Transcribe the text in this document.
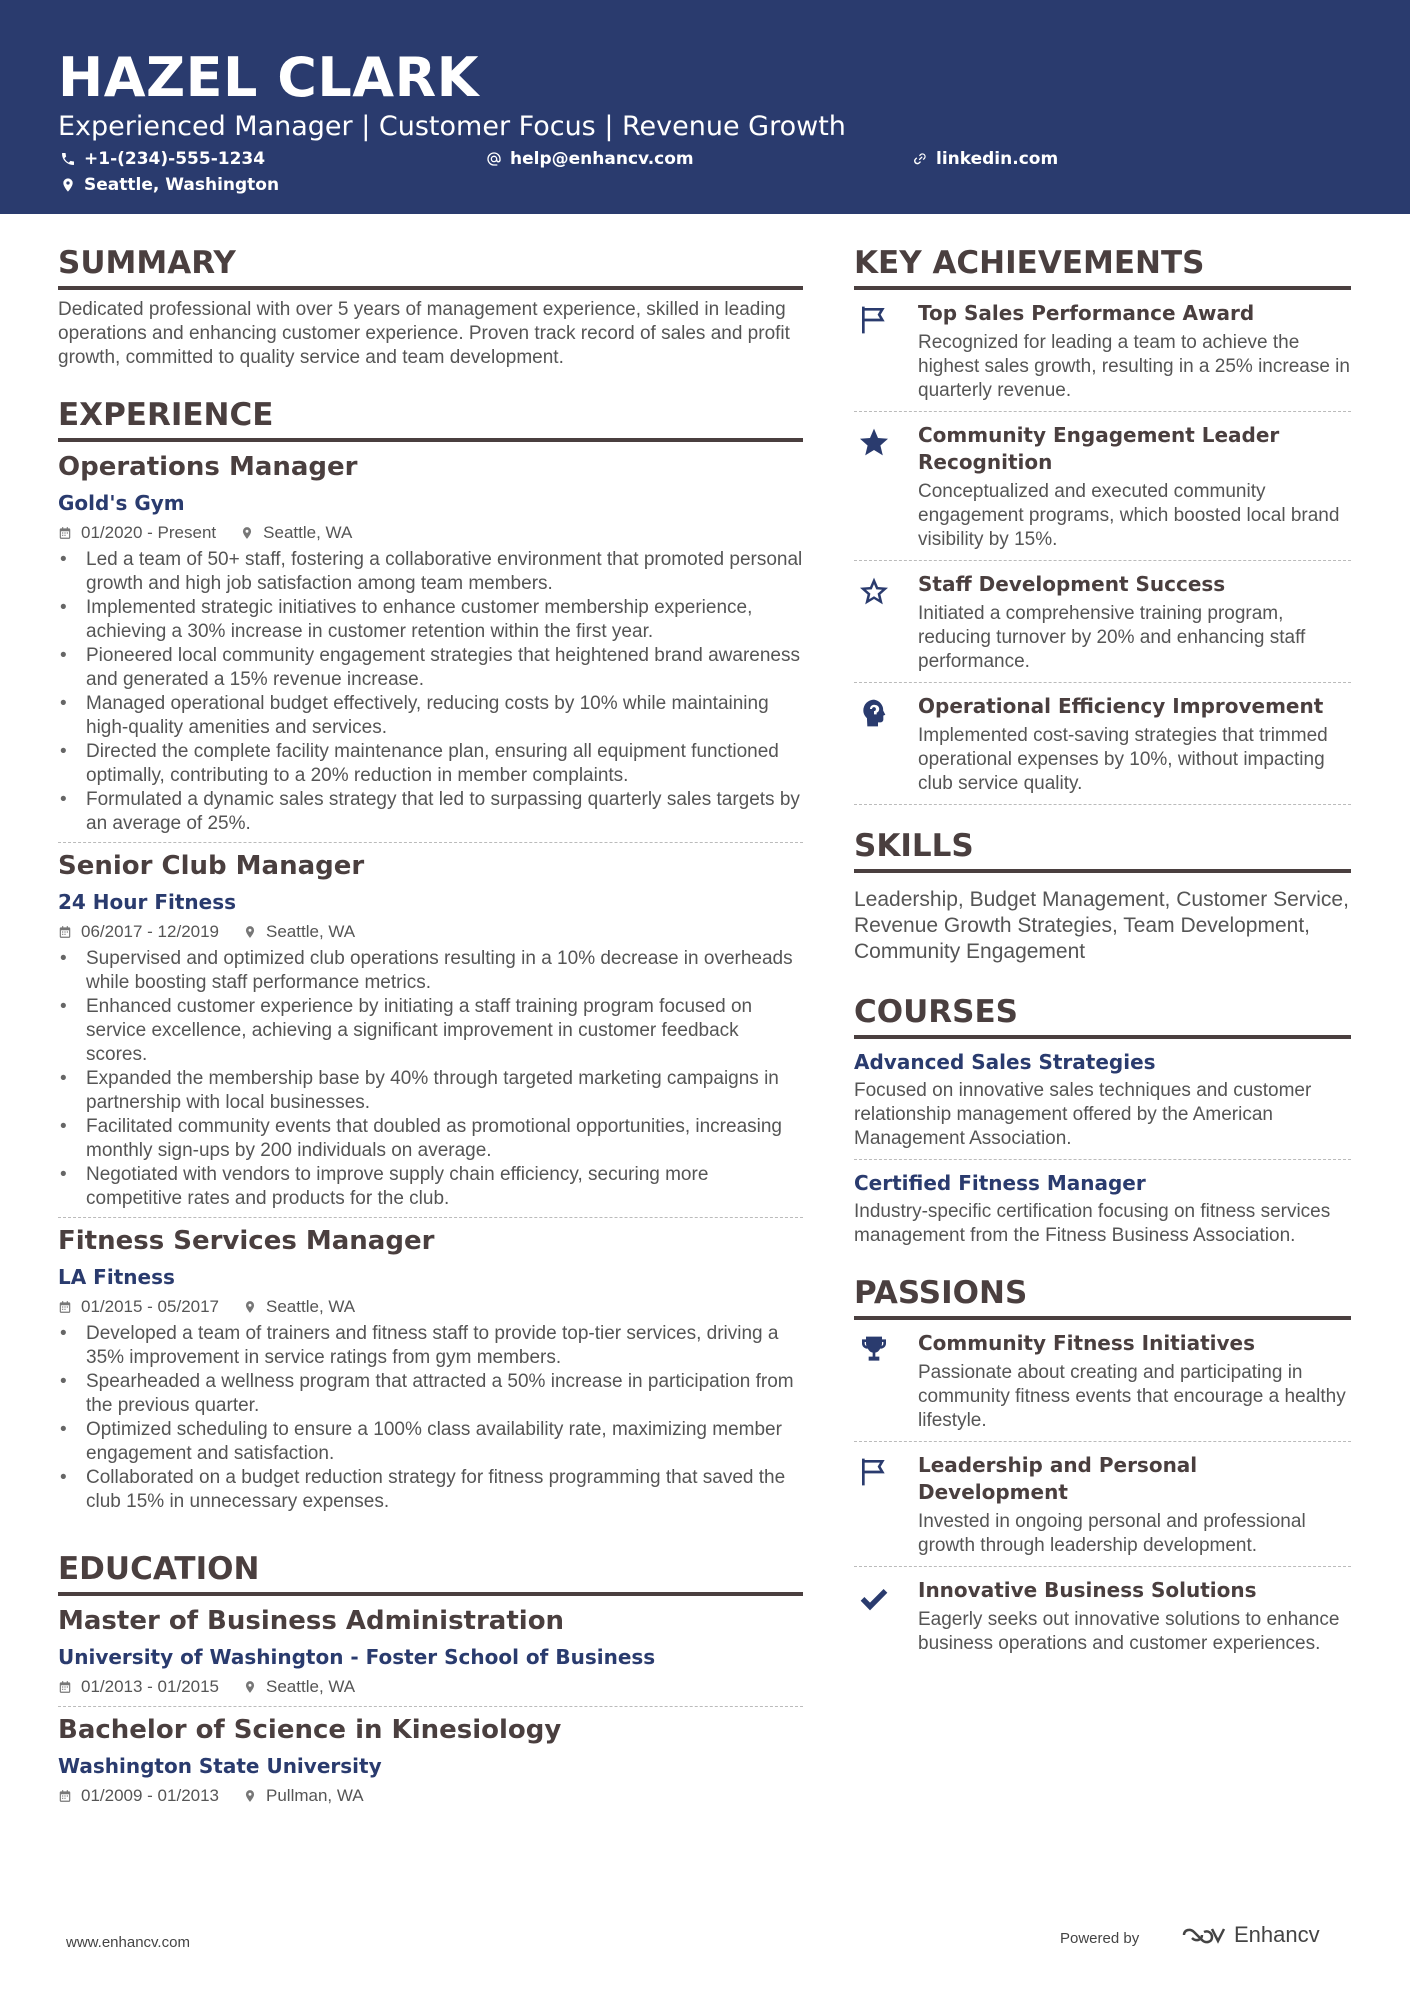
HAZEL CLARK
Experienced Manager | Customer Focus | Revenue Growth
+1-(234)-555-1234	help@enhancv.com	linkedin.com
Seattle, Washington
SUMMARY

Dedicated professional with over 5 years of management experience, skilled in leading operations and enhancing customer experience. Proven track record of sales and profit growth, committed to quality service and team development.

EXPERIENCE
Operations Manager
Gold's Gym
01/2020 - Present	Seattle, WA
• Led a team of 50+ staff, fostering a collaborative environment that promoted personal growth and high job satisfaction among team members.
• Implemented strategic initiatives to enhance customer membership experience, achieving a 30% increase in customer retention within the first year.
• Pioneered local community engagement strategies that heightened brand awareness and generated a 15% revenue increase.
• Managed operational budget effectively, reducing costs by 10% while maintaining high-quality amenities and services.
• Directed the complete facility maintenance plan, ensuring all equipment functioned optimally, contributing to a 20% reduction in member complaints.
• Formulated a dynamic sales strategy that led to surpassing quarterly sales targets by an average of 25%.
Senior Club Manager
24 Hour Fitness
06/2017 - 12/2019	Seattle, WA
• Supervised and optimized club operations resulting in a 10% decrease in overheads while boosting staff performance metrics.
• Enhanced customer experience by initiating a staff training program focused on service excellence, achieving a significant improvement in customer feedback scores.
• Expanded the membership base by 40% through targeted marketing campaigns in partnership with local businesses.
• Facilitated community events that doubled as promotional opportunities, increasing monthly sign-ups by 200 individuals on average.
• Negotiated with vendors to improve supply chain efficiency, securing more competitive rates and products for the club.
Fitness Services Manager
LA Fitness
01/2015 - 05/2017	Seattle, WA
• Developed a team of trainers and fitness staff to provide top-tier services, driving a 35% improvement in service ratings from gym members.
• Spearheaded a wellness program that attracted a 50% increase in participation from the previous quarter.
• Optimized scheduling to ensure a 100% class availability rate, maximizing member engagement and satisfaction.
• Collaborated on a budget reduction strategy for fitness programming that saved the club 15% in unnecessary expenses.
EDUCATION
Master of Business Administration
University of Washington - Foster School of Business
01/2013 - 01/2015	Seattle, WA
Bachelor of Science in Kinesiology
Washington State University
01/2009 - 01/2013	Pullman, WA
KEY ACHIEVEMENTS
Top Sales Performance Award
Recognized for leading a team to achieve the highest sales growth, resulting in a 25% increase in quarterly revenue.
Community Engagement Leader Recognition
Conceptualized and executed community engagement programs, which boosted local brand visibility by 15%.
Staff Development Success
Initiated a comprehensive training program, reducing turnover by 20% and enhancing staff performance.
Operational Efficiency Improvement
Implemented cost-saving strategies that trimmed operational expenses by 10%, without impacting club service quality.
SKILLS
Leadership, Budget Management, Customer Service, Revenue Growth Strategies, Team Development, Community Engagement
COURSES
Advanced Sales Strategies
Focused on innovative sales techniques and customer relationship management offered by the American Management Association.
Certified Fitness Manager
Industry-specific certification focusing on fitness services management from the Fitness Business Association.
PASSIONS
Community Fitness Initiatives
Passionate about creating and participating in community fitness events that encourage a healthy lifestyle.
Leadership and Personal Development
Invested in ongoing personal and professional growth through leadership development.
Innovative Business Solutions
Eagerly seeks out innovative solutions to enhance business operations and customer experiences.
www.enhancv.com	Powered by	Enhancv
